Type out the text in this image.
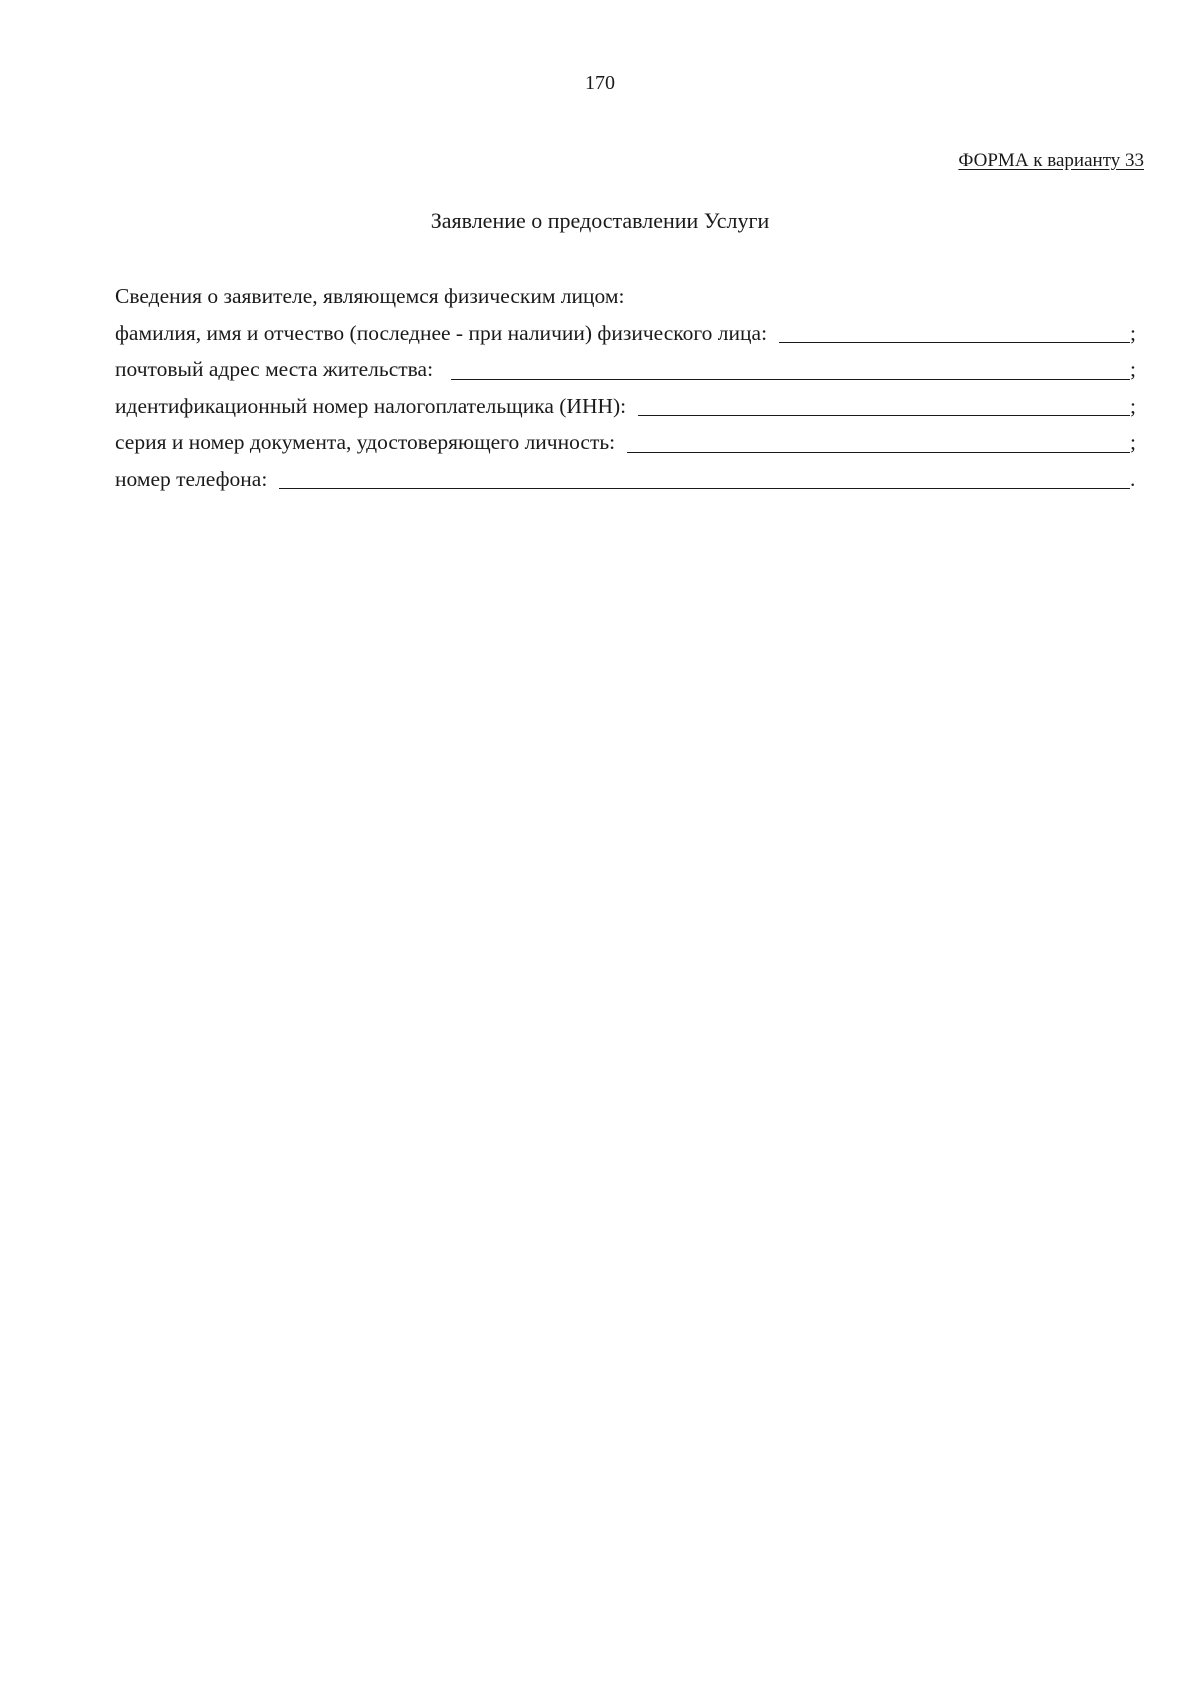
170
ФОРМА к варианту 33
Заявление о предоставлении Услуги
Сведения о заявителе, являющемся физическим лицом:
фамилия, имя и отчество (последнее - при наличии) физического лица:	;
почтовый адрес места жительства:	;
идентификационный номер налогоплательщика (ИНН):	;
серия и номер документа, удостоверяющего личность:	;
номер телефона:	.
